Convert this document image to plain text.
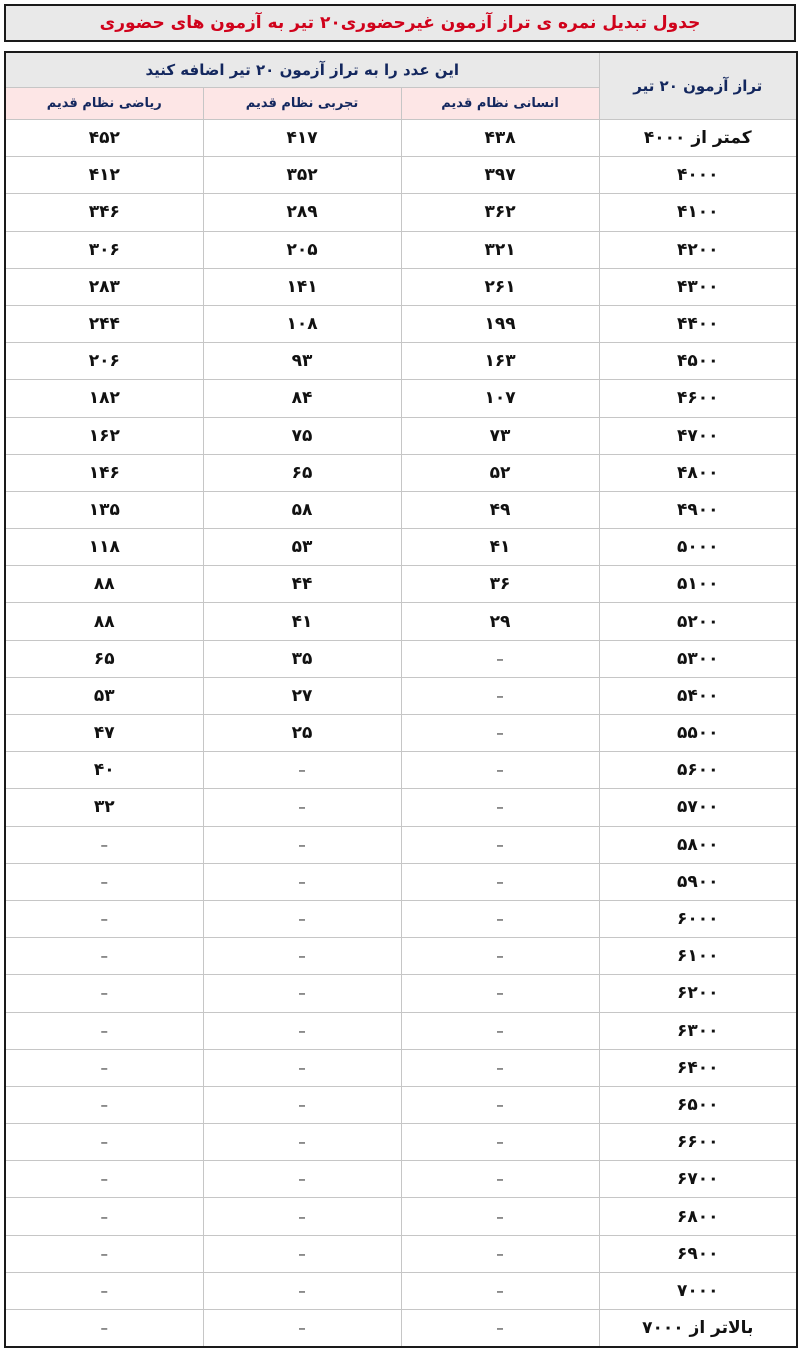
جدول تبدیل نمره ی تراز آزمون غیرحضوری۲۰ تیر به آزمون های حضوری
تراز آزمون ۲۰ تیر	این عدد را به تراز آزمون ۲۰ تیر اضافه کنید		
	انسانی نظام قدیم	تجربی نظام قدیم	ریاضی نظام قدیم
کمتر از ۴۰۰۰	۴۳۸	۴۱۷	۴۵۲
۴۰۰۰	۳۹۷	۳۵۲	۴۱۲
۴۱۰۰	۳۶۲	۲۸۹	۳۴۶
۴۲۰۰	۳۲۱	۲۰۵	۳۰۶
۴۳۰۰	۲۶۱	۱۴۱	۲۸۳
۴۴۰۰	۱۹۹	۱۰۸	۲۴۴
۴۵۰۰	۱۶۳	۹۳	۲۰۶
۴۶۰۰	۱۰۷	۸۴	۱۸۲
۴۷۰۰	۷۳	۷۵	۱۶۲
۴۸۰۰	۵۲	۶۵	۱۴۶
۴۹۰۰	۴۹	۵۸	۱۳۵
۵۰۰۰	۴۱	۵۳	۱۱۸
۵۱۰۰	۳۶	۴۴	۸۸
۵۲۰۰	۲۹	۴۱	۸۸
۵۳۰۰	–	۳۵	۶۵
۵۴۰۰	–	۲۷	۵۳
۵۵۰۰	–	۲۵	۴۷
۵۶۰۰	–	–	۴۰
۵۷۰۰	–	–	۳۲
۵۸۰۰	–	–	–
۵۹۰۰	–	–	–
۶۰۰۰	–	–	–
۶۱۰۰	–	–	–
۶۲۰۰	–	–	–
۶۳۰۰	–	–	–
۶۴۰۰	–	–	–
۶۵۰۰	–	–	–
۶۶۰۰	–	–	–
۶۷۰۰	–	–	–
۶۸۰۰	–	–	–
۶۹۰۰	–	–	–
۷۰۰۰	–	–	–
بالاتر از ۷۰۰۰	–	–	–
